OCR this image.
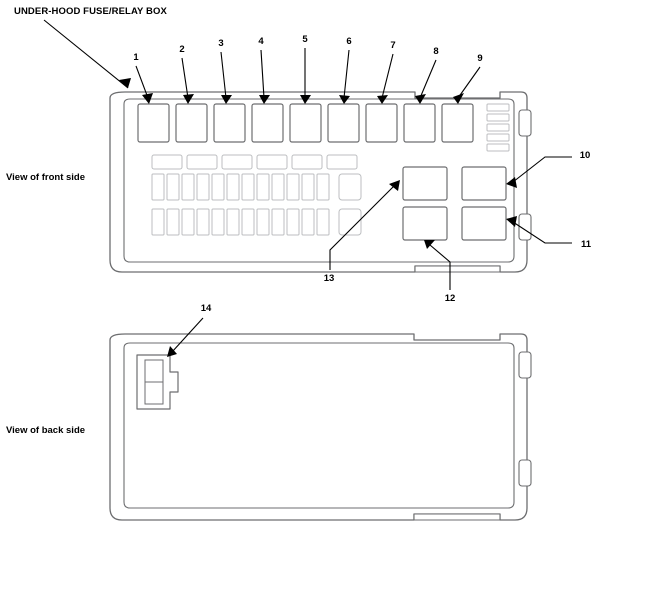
UNDER-HOOD FUSE/RELAY BOX
View of front side
View of back side
1
2
3	4	5	6	7
8
9
10
11
12
13
14
